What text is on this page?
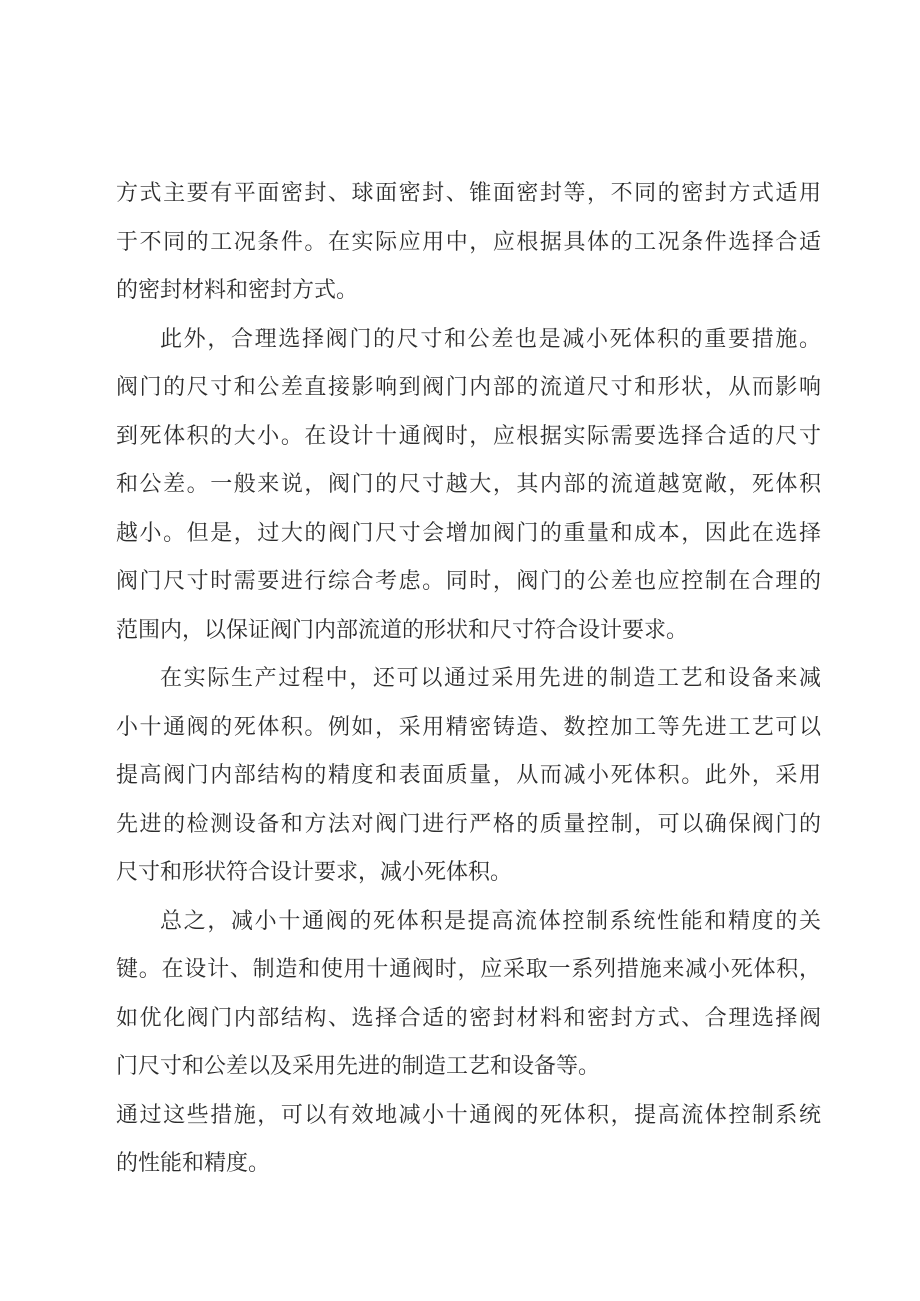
方式主要有平面密封、球面密封、锥面密封等，不同的密封方式适用
于不同的工况条件。在实际应用中，应根据具体的工况条件选择合适
的密封材料和密封方式。
此外，合理选择阀门的尺寸和公差也是减小死体积的重要措施。
阀门的尺寸和公差直接影响到阀门内部的流道尺寸和形状，从而影响
到死体积的大小。在设计十通阀时，应根据实际需要选择合适的尺寸
和公差。一般来说，阀门的尺寸越大，其内部的流道越宽敞，死体积
越小。但是，过大的阀门尺寸会增加阀门的重量和成本，因此在选择
阀门尺寸时需要进行综合考虑。同时，阀门的公差也应控制在合理的
范围内，以保证阀门内部流道的形状和尺寸符合设计要求。
在实际生产过程中，还可以通过采用先进的制造工艺和设备来减
小十通阀的死体积。例如，采用精密铸造、数控加工等先进工艺可以
提高阀门内部结构的精度和表面质量，从而减小死体积。此外，采用
先进的检测设备和方法对阀门进行严格的质量控制，可以确保阀门的
尺寸和形状符合设计要求，减小死体积。
总之，减小十通阀的死体积是提高流体控制系统性能和精度的关
键。在设计、制造和使用十通阀时，应采取一系列措施来减小死体积，
如优化阀门内部结构、选择合适的密封材料和密封方式、合理选择阀
门尺寸和公差以及采用先进的制造工艺和设备等。
通过这些措施，可以有效地减小十通阀的死体积，提高流体控制系统
的性能和精度。
